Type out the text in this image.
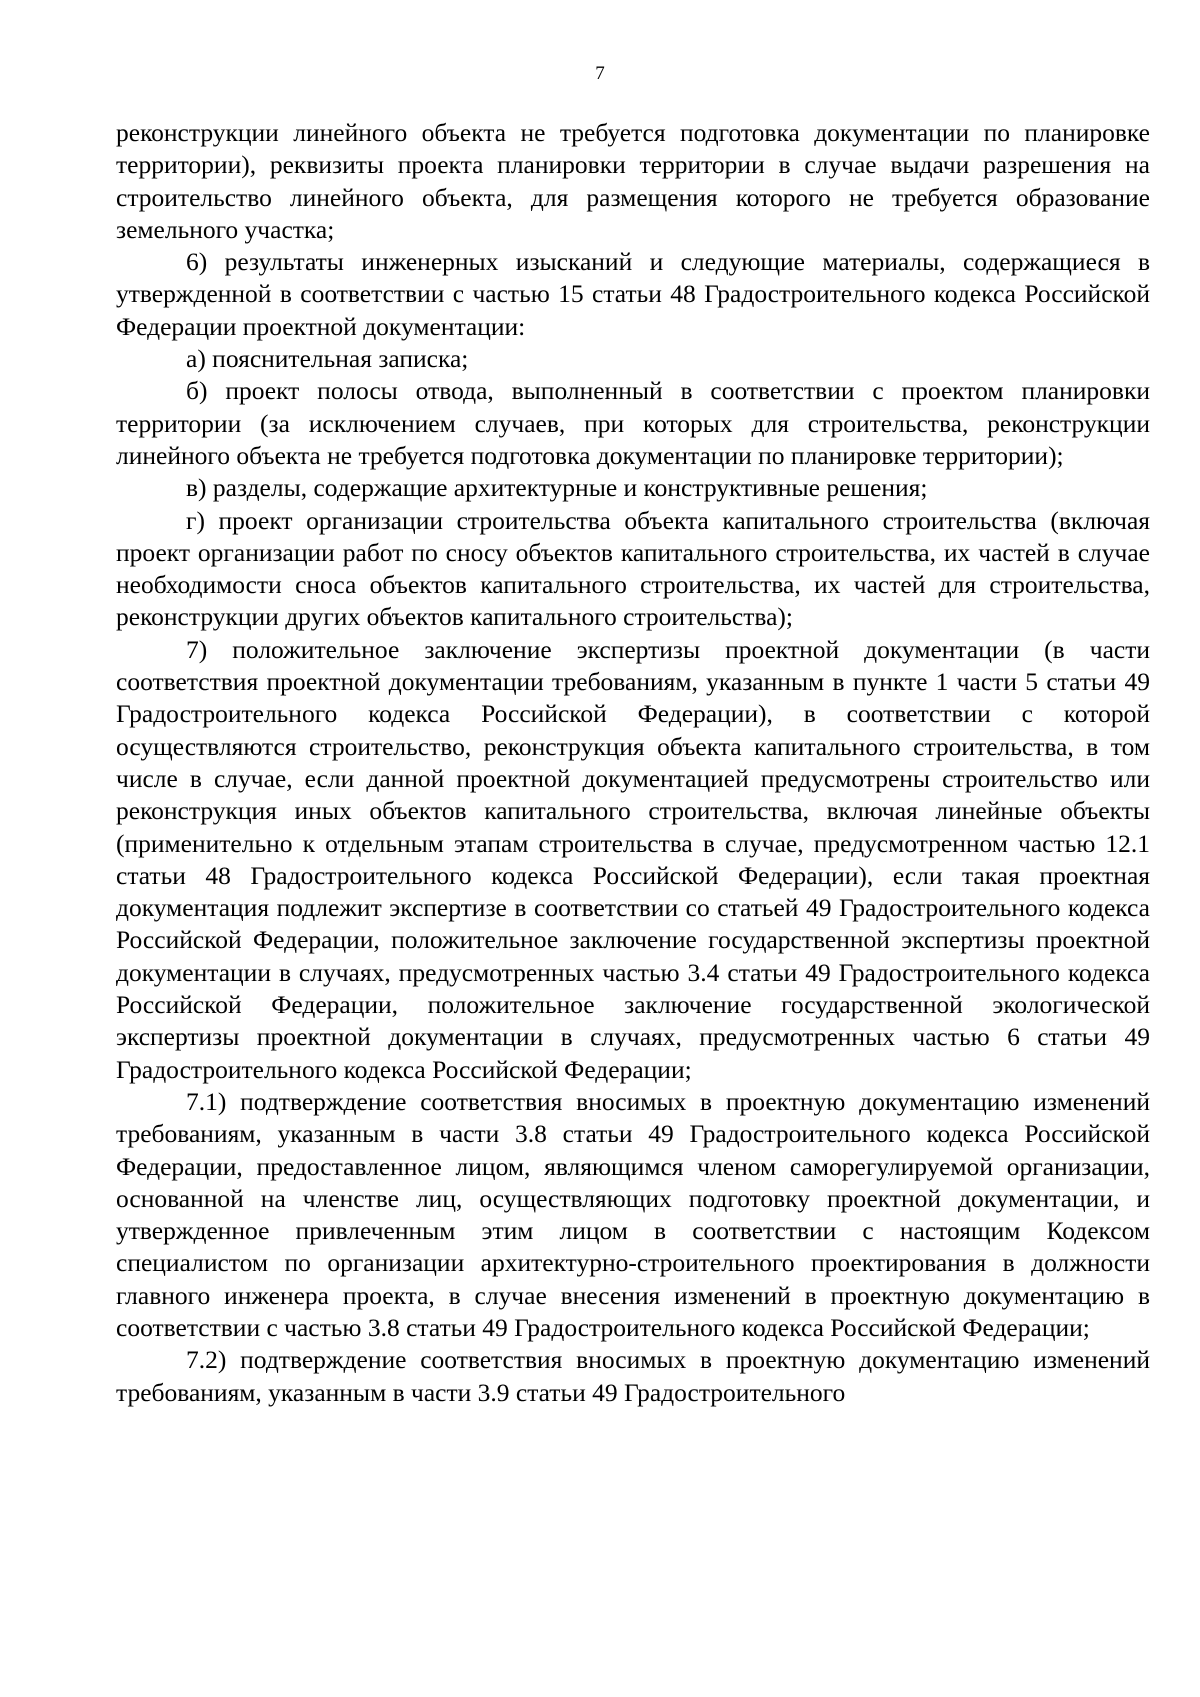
7

реконструкции линейного объекта не требуется подготовка документации по планировке территории), реквизиты проекта планировки территории в случае выдачи разрешения на строительство линейного объекта, для размещения которого не требуется образование земельного участка;

6) результаты инженерных изысканий и следующие материалы, содержащиеся в утвержденной в соответствии с частью 15 статьи 48 Градостроительного кодекса Российской Федерации проектной документации:

а) пояснительная записка;

б) проект полосы отвода, выполненный в соответствии с проектом планировки территории (за исключением случаев, при которых для строительства, реконструкции линейного объекта не требуется подготовка документации по планировке территории);

в) разделы, содержащие архитектурные и конструктивные решения;

г) проект организации строительства объекта капитального строительства (включая проект организации работ по сносу объектов капитального строительства, их частей в случае необходимости сноса объектов капитального строительства, их частей для строительства, реконструкции других объектов капитального строительства);

7) положительное заключение экспертизы проектной документации (в части соответствия проектной документации требованиям, указанным в пункте 1 части 5 статьи 49 Градостроительного кодекса Российской Федерации), в соответствии с которой осуществляются строительство, реконструкция объекта капитального строительства, в том числе в случае, если данной проектной документацией предусмотрены строительство или реконструкция иных объектов капитального строительства, включая линейные объекты (применительно к отдельным этапам строительства в случае, предусмотренном частью 12.1 статьи 48 Градостроительного кодекса Российской Федерации), если такая проектная документация подлежит экспертизе в соответствии со статьей 49 Градостроительного кодекса Российской Федерации, положительное заключение государственной экспертизы проектной документации в случаях, предусмотренных частью 3.4 статьи 49 Градостроительного кодекса Российской Федерации, положительное заключение государственной экологической экспертизы проектной документации в случаях, предусмотренных частью 6 статьи 49 Градостроительного кодекса Российской Федерации;

7.1) подтверждение соответствия вносимых в проектную документацию изменений требованиям, указанным в части 3.8 статьи 49 Градостроительного кодекса Российской Федерации, предоставленное лицом, являющимся членом саморегулируемой организации, основанной на членстве лиц, осуществляющих подготовку проектной документации, и утвержденное привлеченным этим лицом в соответствии с настоящим Кодексом специалистом по организации архитектурно-строительного проектирования в должности главного инженера проекта, в случае внесения изменений в проектную документацию в соответствии с частью 3.8 статьи 49 Градостроительного кодекса Российской Федерации;

7.2) подтверждение соответствия вносимых в проектную документацию изменений требованиям, указанным в части 3.9 статьи 49 Градостроительного
